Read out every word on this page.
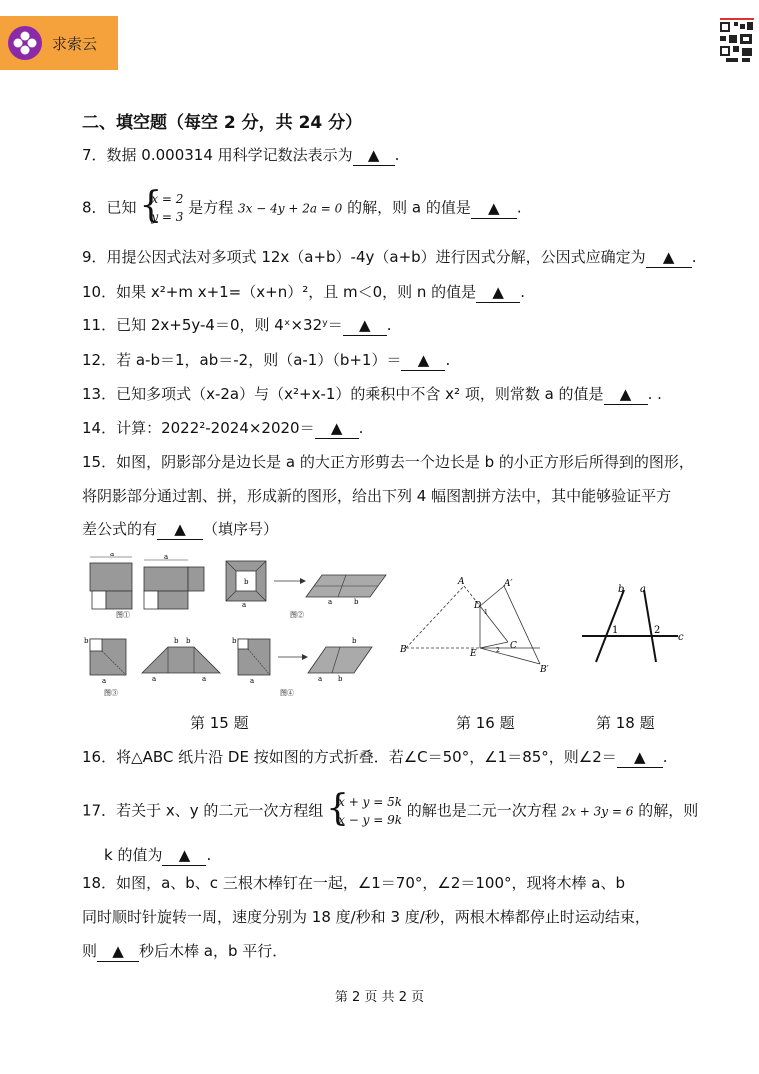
求索云
二、填空题（每空 2 分，共 24 分）
7．数据 0.000314 用科学记数法表示为 ▲ .
8．已知 { x = 2
y = 3 是方程 3x − 4y + 2a = 0 的解，则 a 的值是 ▲ .
9．用提公因式法对多项式 12x（a+b）-4y（a+b）进行因式分解，公因式应确定为 ▲ .
10．如果 x²+m x+1=（x+n）²，且 m＜0，则 n 的值是 ▲ .
11．已知 2x+5y-4＝0，则 4ˣ×32ʸ＝ ▲ .
12．若 a-b＝1，ab＝-2，则（a-1）（b+1）＝ ▲ .
13．已知多项式（x-2a）与（x²+x-1）的乘积中不含 x² 项，则常数 a 的值是 ▲ . .
14．计算：2022²-2024×2020＝ ▲ .
15．如图，阴影部分是边长是 a 的大正方形剪去一个边长是 b 的小正方形后所得到的图形，
将阴影部分通过割、拼，形成新的图形，给出下列 4 幅图割拼方法中，其中能够验证平方
差公式的有 ▲ （填序号）
a	a
图①
b
a	a	b
图②
b
a
b b
a	a
图③
b
a	a b
b
图④
A	A′
D
1
C
2
E
B
B′
b a
1	2
c
第 15 题	第 16 题	第 18 题
16．将△ABC 纸片沿 DE 按如图的方式折叠．若∠C＝50°，∠1＝85°，则∠2＝ ▲ .
17．若关于 x、y 的二元一次方程组 { x + y = 5k
x − y = 9k 的解也是二元一次方程 2x + 3y = 6 的解，则
k 的值为 ▲ .
18．如图，a、b、c 三根木棒钉在一起，∠1＝70°，∠2＝100°，现将木棒 a、b
同时顺时针旋转一周，速度分别为 18 度/秒和 3 度/秒，两根木棒都停止时运动结束，
则 ▲ 秒后木棒 a，b 平行．
第 2 页 共 2 页
